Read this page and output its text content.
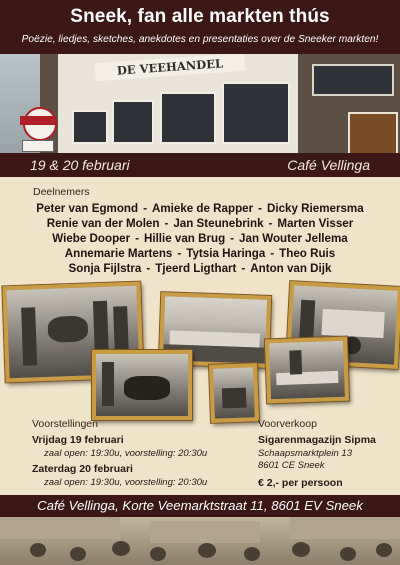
Sneek, fan alle markten thús
Poëzie, liedjes, sketches, anekdotes en presentaties over de Sneeker markten!
DE VEEHANDEL
19 & 20 februari	Café Vellinga
Deelnemers
Peter van Egmond - Amieke de Rapper - Dicky Riemersma
Renie van der Molen - Jan Steunebrink - Marten Visser
Wiebe Dooper - Hillie van Brug - Jan Wouter Jellema
Annemarie Martens - Tytsia Haringa - Theo Ruis
Sonja Fijlstra - Tjeerd Ligthart - Anton van Dijk
Voorstellingen
Vrijdag 19 februari
zaal open: 19:30u, voorstelling: 20:30u
Zaterdag 20 februari
zaal open: 19:30u, voorstelling: 20:30u
Voorverkoop
Sigarenmagazijn Sipma
Schaapsmarktplein 13
8601 CE Sneek
€ 2,- per persoon
Café Vellinga, Korte Veemarktstraat 11, 8601 EV Sneek
